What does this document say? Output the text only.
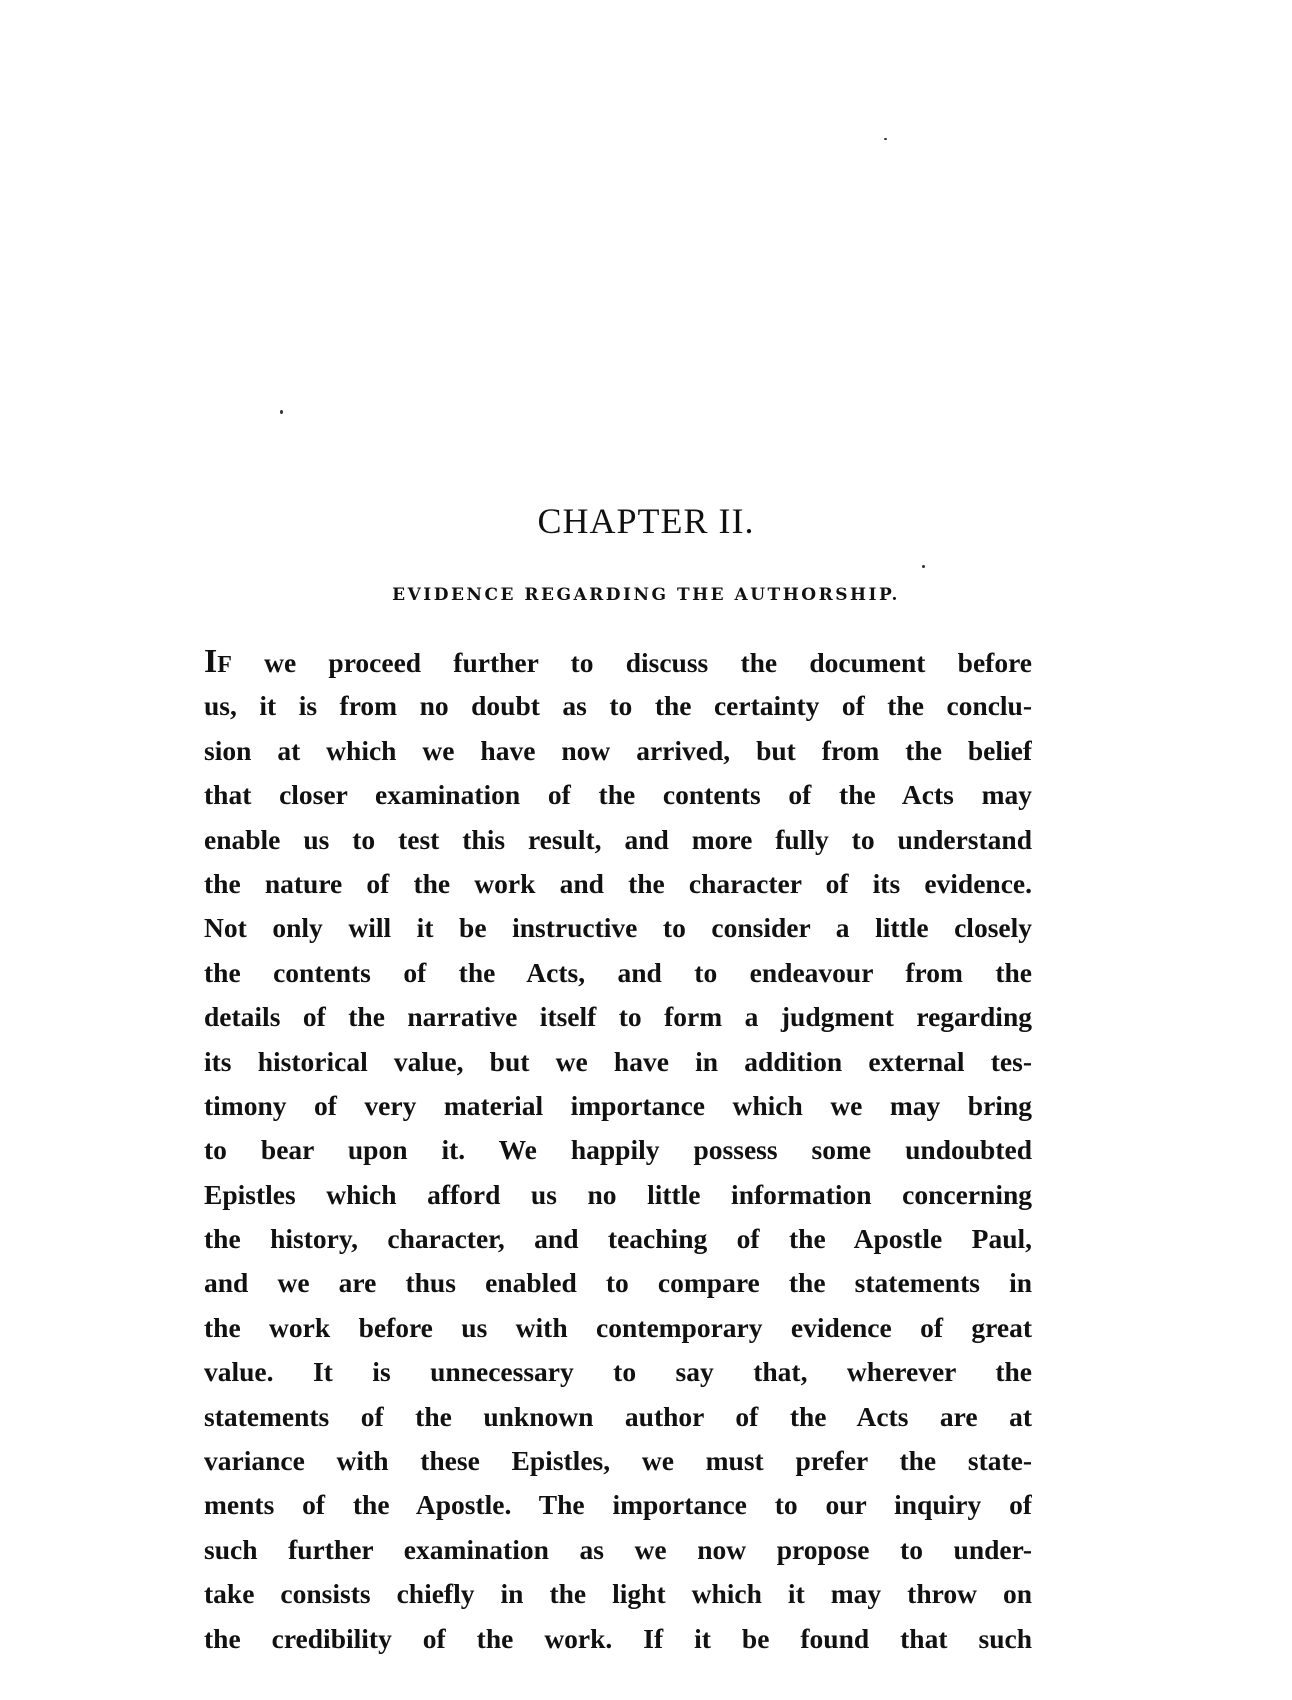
CHAPTER II.
EVIDENCE REGARDING THE AUTHORSHIP.
If we proceed further to discuss the document before
us, it is from no doubt as to the certainty of the conclu-
sion at which we have now arrived, but from the belief
that closer examination of the contents of the Acts may
enable us to test this result, and more fully to understand
the nature of the work and the character of its evidence.
Not only will it be instructive to consider a little closely
the contents of the Acts, and to endeavour from the
details of the narrative itself to form a judgment regarding
its historical value, but we have in addition external tes-
timony of very material importance which we may bring
to bear upon it. We happily possess some undoubted
Epistles which afford us no little information concerning
the history, character, and teaching of the Apostle Paul,
and we are thus enabled to compare the statements in
the work before us with contemporary evidence of great
value. It is unnecessary to say that, wherever the
statements of the unknown author of the Acts are at
variance with these Epistles, we must prefer the state-
ments of the Apostle. The importance to our inquiry of
such further examination as we now propose to under-
take consists chiefly in the light which it may throw on
the credibility of the work. If it be found that such
